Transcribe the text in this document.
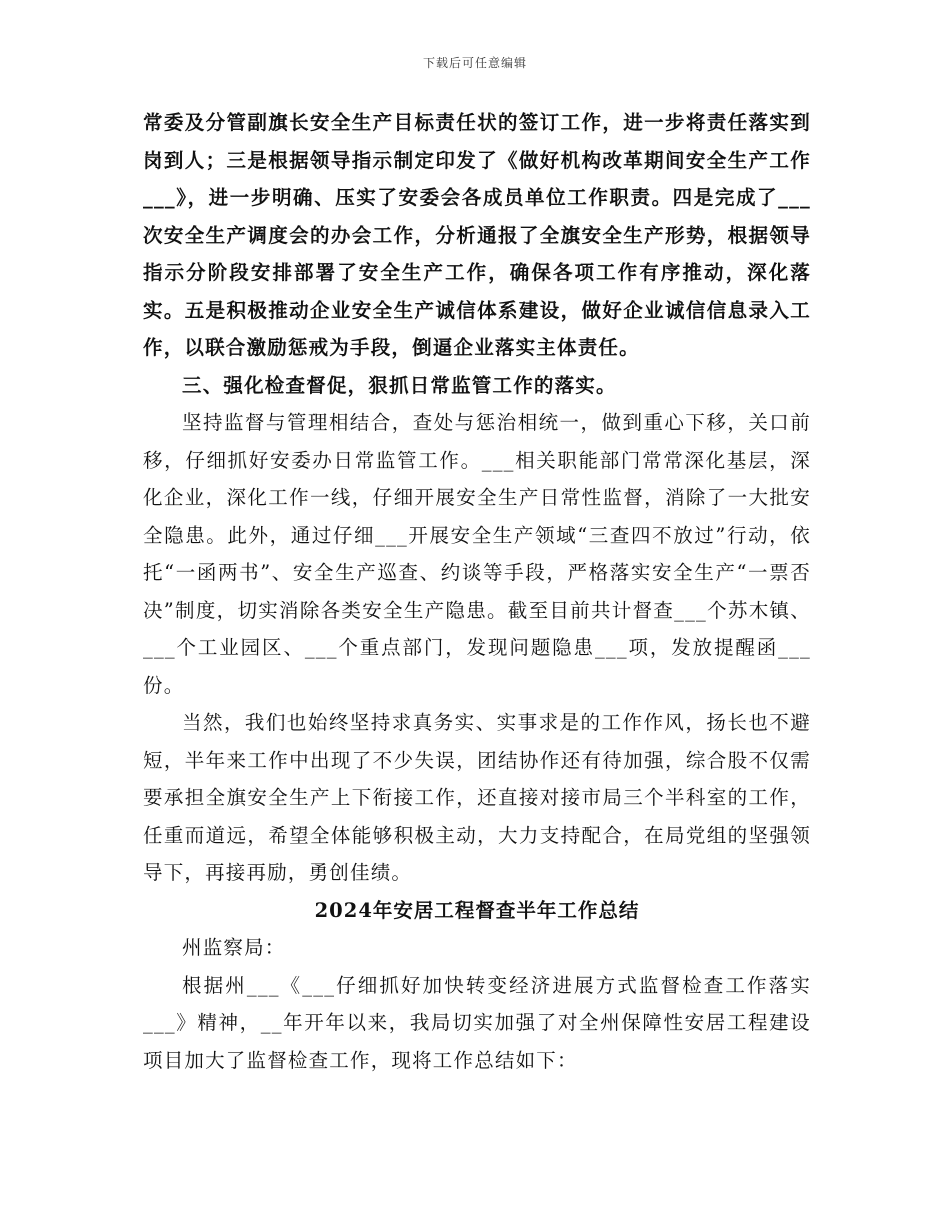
下载后可任意编辑

常委及分管副旗长安全生产目标责任状的签订工作，进一步将责任落实到岗到人；三是根据领导指示制定印发了《做好机构改革期间安全生产工作___》，进一步明确、压实了安委会各成员单位工作职责。四是完成了___次安全生产调度会的办会工作，分析通报了全旗安全生产形势，根据领导指示分阶段安排部署了安全生产工作，确保各项工作有序推动，深化落实。五是积极推动企业安全生产诚信体系建设，做好企业诚信信息录入工作，以联合激励惩戒为手段，倒逼企业落实主体责任。

三、强化检查督促，狠抓日常监管工作的落实。

坚持监督与管理相结合，查处与惩治相统一，做到重心下移，关口前移，仔细抓好安委办日常监管工作。___相关职能部门常常深化基层，深化企业，深化工作一线，仔细开展安全生产日常性监督，消除了一大批安全隐患。此外，通过仔细___开展安全生产领域“三查四不放过”行动，依托“一函两书”、安全生产巡查、约谈等手段，严格落实安全生产“一票否决”制度，切实消除各类安全生产隐患。截至目前共计督查___个苏木镇、___个工业园区、___个重点部门，发现问题隐患___项，发放提醒函___份。

当然，我们也始终坚持求真务实、实事求是的工作作风，扬长也不避短，半年来工作中出现了不少失误，团结协作还有待加强，综合股不仅需要承担全旗安全生产上下衔接工作，还直接对接市局三个半科室的工作，任重而道远，希望全体能够积极主动，大力支持配合，在局党组的坚强领导下，再接再励，勇创佳绩。

2024年安居工程督查半年工作总结

州监察局：

根据州___《___仔细抓好加快转变经济进展方式监督检查工作落实___》精神，__年开年以来，我局切实加强了对全州保障性安居工程建设项目加大了监督检查工作，现将工作总结如下：
